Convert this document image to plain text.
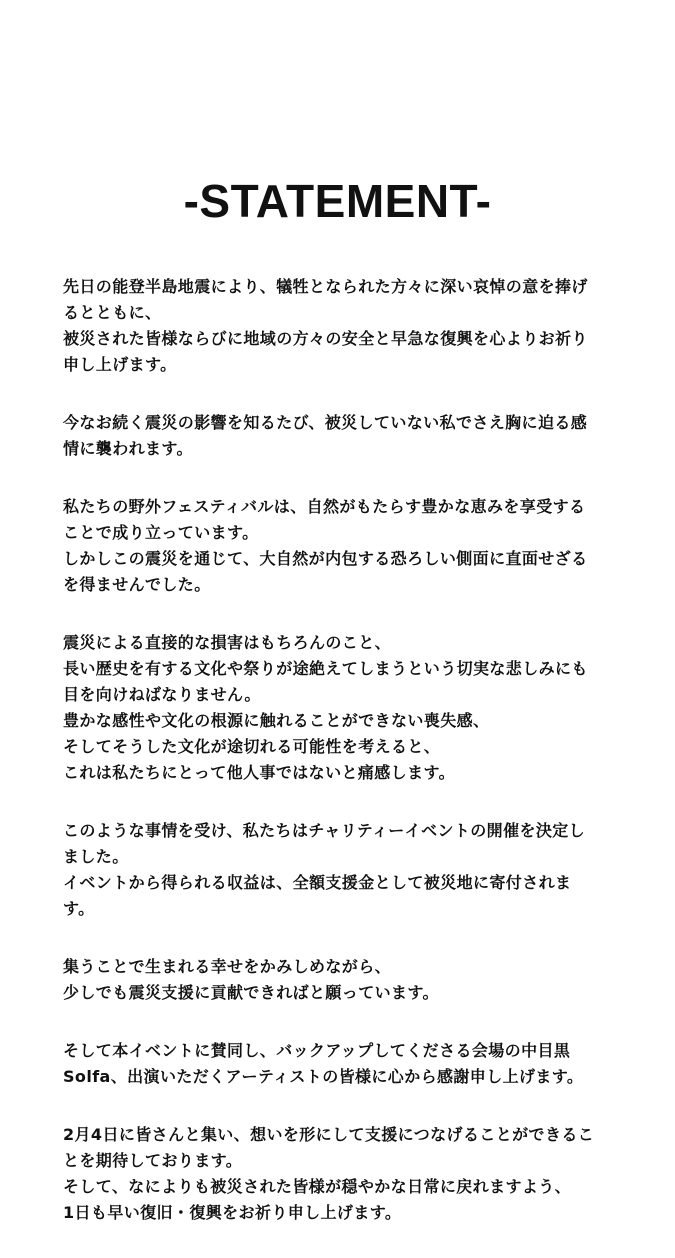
-STATEMENT-

先日の能登半島地震により、犠牲となられた方々に深い哀悼の意を捧げ
るとともに、
被災された皆様ならびに地域の方々の安全と早急な復興を心よりお祈り
申し上げます。

今なお続く震災の影響を知るたび、被災していない私でさえ胸に迫る感
情に襲われます。

私たちの野外フェスティバルは、自然がもたらす豊かな恵みを享受する
ことで成り立っています。
しかしこの震災を通じて、大自然が内包する恐ろしい側面に直面せざる
を得ませんでした。

震災による直接的な損害はもちろんのこと、
長い歴史を有する文化や祭りが途絶えてしまうという切実な悲しみにも
目を向けねばなりません。
豊かな感性や文化の根源に触れることができない喪失感、
そしてそうした文化が途切れる可能性を考えると、
これは私たちにとって他人事ではないと痛感します。

このような事情を受け、私たちはチャリティーイベントの開催を決定し
ました。
イベントから得られる収益は、全額支援金として被災地に寄付されま
す。

集うことで生まれる幸せをかみしめながら、
少しでも震災支援に貢献できればと願っています。

そして本イベントに賛同し、バックアップしてくださる会場の中目黒
Solfa、出演いただくアーティストの皆様に心から感謝申し上げます。

2月4日に皆さんと集い、想いを形にして支援につなげることができるこ
とを期待しております。
そして、なによりも被災された皆様が穏やかな日常に戻れますよう、
1日も早い復旧・復興をお祈り申し上げます。
